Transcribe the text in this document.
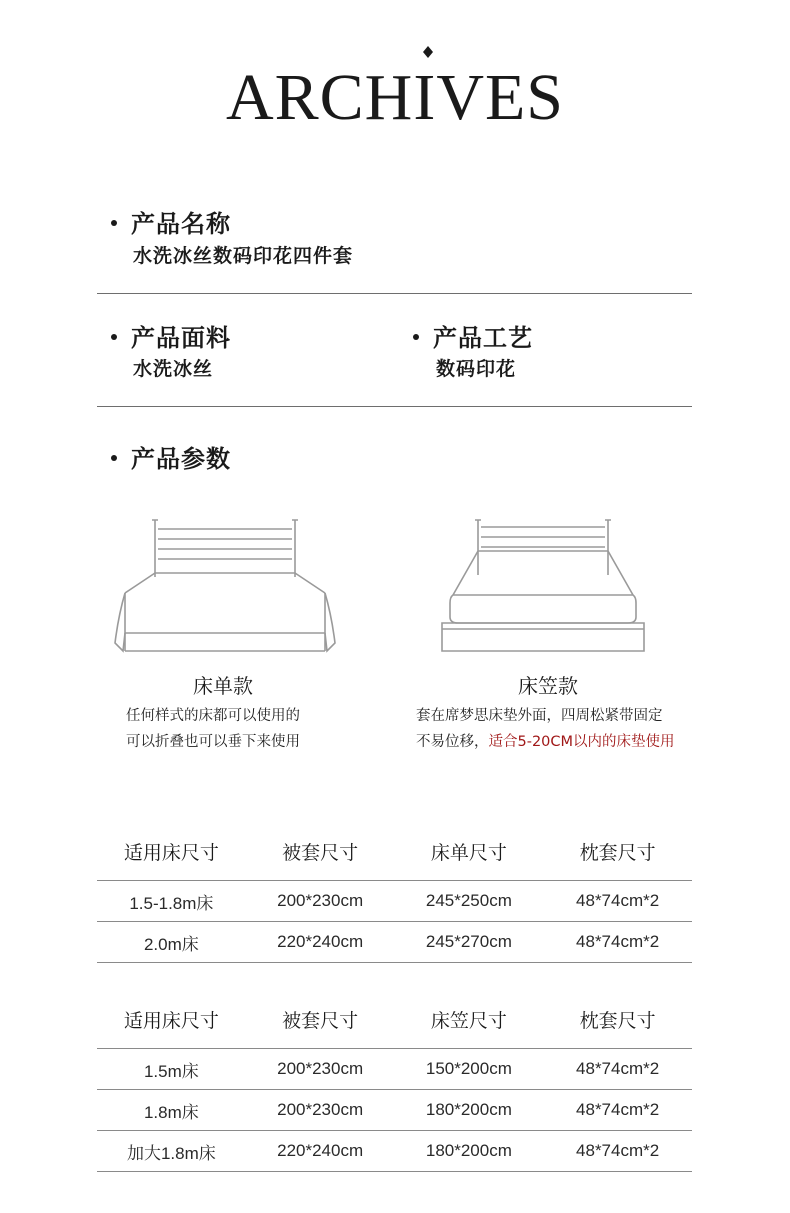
ARCHIVES
产品名称
水洗冰丝数码印花四件套
产品面料
水洗冰丝
产品工艺
数码印花
产品参数
床单款
任何样式的床都可以使用的
可以折叠也可以垂下来使用
床笠款
套在席梦思床垫外面，四周松紧带固定
不易位移，适合5-20CM以内的床垫使用
适用床尺寸	被套尺寸	床单尺寸	枕套尺寸
1.5-1.8m床	200*230cm	245*250cm	48*74cm*2
2.0m床	220*240cm	245*270cm	48*74cm*2
适用床尺寸	被套尺寸	床笠尺寸	枕套尺寸
1.5m床	200*230cm	150*200cm	48*74cm*2
1.8m床	200*230cm	180*200cm	48*74cm*2
加大1.8m床	220*240cm	180*200cm	48*74cm*2
